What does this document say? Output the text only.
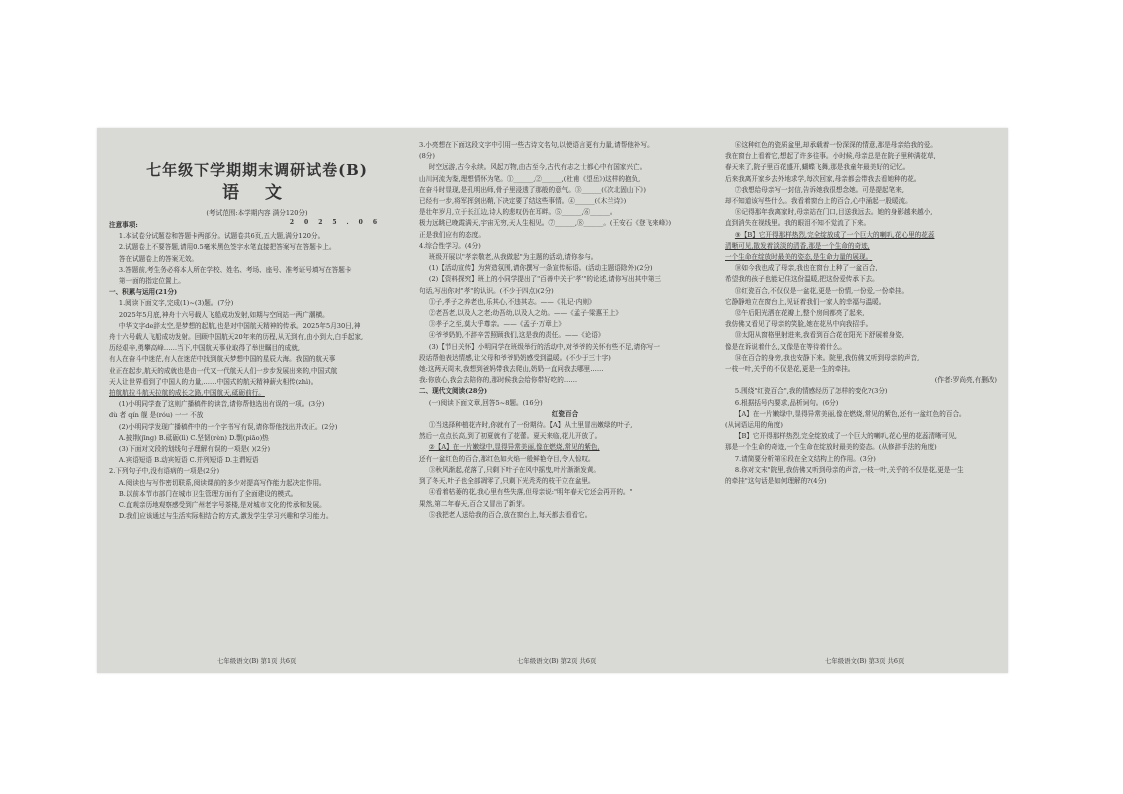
七年级下学期期末调研试卷(B)
语 文
2025.06
(考试范围:本学期内容 满分120分)

注意事项:

1.本试卷分试题卷和答题卡两部分。试题卷共6页,五大题,满分120分。

2.试题卷上不要答题,请用0.5毫米黑色签字水笔直接把答案写在答题卡上。

答在试题卷上的答案无效。

3.答题前,考生务必将本人所在学校、姓名、考场、座号、准考证号填写在答题卡

第一面的指定位置上。

一、积累与运用(21分)

1.阅读下面文字,完成(1)~(3)题。(7分)

2025年5月底,神舟十六号载人飞船成功发射,如期与空间站一两广潮横。

中华文字de辞太空,是梦想的起航,也是对中国航天精神的传承。2025年5月30日,神

舟十六号载人飞船成功发射。回顾中国航天20年来的历程,从无到有,由小到大,白手起家,

历经艰辛,勇攀高峰……当下,中国航天事业取得了举世瞩目的成就,

有人在奋斗中迷茫,有人在迷茫中找到航天梦想中国的星辰大海。我国的航天事

业正在起步,航天的成就也是由一代又一代航天人们一步步发展出来的,中国式航

天人让世界看到了中国人的力量,……中国式的航天精神薪火相传(zhì)。

拍航航拉斗航天拉航的成长之路,中国航天,砥砺前行。

(1)小明同学查了这则广播稿件的读音,请你帮他选出有误的一项。(3分)

dù 者 qín 舰 是(róu) 一一 不放

(2)小明同学发现广播稿件中的一个字书写有误,请你帮他找出并改正。(2分)

A.披荆(jīng) B.砥砺(lì) C.坚韧(rèn) D.剽(piāo)热

(3)下面对文段的划线句子理解有误的一项是( )(2分)

A.宾语短语 B.动宾短语 C.并列短语 D.主谓短语

2.下列句子中,没有语病的一项是(2分)

A.阅读也与写作密切联系,阅读课前的多少对提高写作能力起决定作用。

B.以前本节市部门在城市卫生管理方面有了全面建设的模式。

C.直观亲历地观察感受到广州老字号茶楼,是对城市文化的传承和发展。

D.我们应该通过与生活实际相结合的方式,激发学生学习兴趣和学习能力。

七年级语文(B) 第1页 共6页

3.小亮想在下面这段文字中引用一些古诗文名句,以使语言更有力量,请帮他补写。

(8分)

时空远游,古今永续。风起万物,由古至今,古代有志之士都心中有国家兴亡。

山川河流为鉴,理想情怀为笔。①______,②______,(杜甫《望岳》)这样的抱负,

在奋斗时显现,是孔明出师,骨子里浸透了那般的意气。③______(《次北固山下》)

已经有一步,将军挥剑出鞘,下决定要了结这些事情。④______(《木兰诗》)

是壮年岁月,立于长江边,诗人的悲叹仍在耳畔。⑤______,⑥______。

极力远眺已晚霞满天,宇宙无穷,天人生相见。⑦______,⑧______。(王安石《登飞来峰》)

正是我们应有的态度。

4.综合性学习。(4分)

班级开展以"孝亲敬老,从我做起"为主题的活动,请你参与。

(1)【活动宣传】为营造氛围,请你撰写一条宣传标语。(活动主题语除外)(2分)

(2)【资料探究】班上的小同学提出了"百善中关于'孝'"的论述,请你写出其中第三

句话,写出你对"孝"的认识。(不少于四点)(2分)

①子,孝子之养老也,乐其心,不违其志。——《礼记·内则》

②老吾老,以及人之老;幼吾幼,以及人之幼。——《孟子·梁惠王上》

③孝子之至,莫大乎尊亲。——《孟子·万章上》

④爷爷奶奶,不辞辛苦照顾我们,这是我的责任。——《论语》

(3)【节日关怀】小明同学在班级举行的活动中,对爷爷的关怀有些不足,请你写一

段话帮他表达情感,让父母和爷爷奶奶感受到温暖。(不少于三十字)

她:这两天周末,我想到爸妈带我去爬山,奶奶一直问我去哪里……

我:你放心,我会去陪你的,那时候我会给你带好吃的……

二、现代文阅读(28分)

(一)阅读下面文章,回答5~8题。(16分)

红瓷百合

①当选择种植花卉时,你就有了一份期待。【A】从土里冒出嫩绿的叶子,

然后一点点长高,到了初夏就有了花蕾。夏天来临,花儿开放了。

②【A】在一片嫩绿中,显得异常美丽,像在燃烧,常见的紫色,

还有一盆红色的百合,那红色如火焰一般鲜艳夺目,令人惊叹。

③秋风渐起,花落了,只剩下叶子在风中摇曳,叶片渐渐发黄。

到了冬天,叶子也全部凋零了,只剩下光秃秃的枝干立在盆里。

④看着枯萎的花,我心里有些失落,但母亲说:"明年春天它还会再开的。"

果然,第二年春天,百合又冒出了新芽。

⑤我把老人送给我的百合,放在窗台上,每天都去看看它。

七年级语文(B) 第2页 共6页

⑥这种红色的瓷质盆里,却承载着一份深深的情意,那是母亲给我的爱。

我在窗台上看着它,想起了许多往事。小时候,母亲总是在院子里种满花草,

春天来了,院子里百花盛开,蝴蝶飞舞,那是我童年最美好的记忆。

后来我离开家乡去外地求学,每次回家,母亲都会带我去看她种的花。

⑦我想给母亲写一封信,告诉她我很想念她。可是提起笔来,

却不知道该写些什么。我看着窗台上的百合,心中涌起一股暖流。

⑧记得那年我离家时,母亲站在门口,目送我远去。她的身影越来越小,

直到消失在视线里。我的眼泪不知不觉流了下来。

⑨【B】它开得那样热烈,完全绽放成了一个巨大的喇叭,花心里的花蕊

清晰可见,散发着淡淡的清香,那是一个生命的奇迹,

一个生命在绽放时最美的姿态,是生命力量的展现。

⑩如今我也成了母亲,我也在窗台上种了一盆百合,

希望我的孩子也能记住这份温暖,把这份爱传承下去。

⑪红瓷百合,不仅仅是一盆花,更是一份情,一份爱,一份牵挂。

它静静地立在窗台上,见证着我们一家人的幸福与温暖。

⑫午后阳光洒在花瓣上,整个房间都亮了起来,

我仿佛又看见了母亲的笑脸,她在花丛中向我招手。

⑬太阳从窗格里射进来,我看到百合花在阳光下舒展着身姿,

像是在诉说着什么,又像是在等待着什么。

⑭在百合的身旁,我也安静下来。院里,我仿佛又听到母亲的声音,

一枝一叶,关乎的不仅是花,更是一生的牵挂。

(作者:罗尚亮,有删改)

5.围绕"红瓷百合",我的情感经历了怎样的变化?(3分)

6.根据括号内要求,品析词句。(6分)

【A】在一片嫩绿中,显得异常美丽,像在燃烧,常见的紫色,还有一盆红色的百合。

(从词语运用的角度)

【B】它开得那样热烈,完全绽放成了一个巨大的喇叭,花心里的花蕊清晰可见,

那是一个生命的奇迹,一个生命在绽放时最美的姿态。(从修辞手法的角度)

7.请简要分析第⑥段在全文结构上的作用。(3分)

8.你对文末"院里,我仿佛又听到母亲的声音,一枝一叶,关乎的不仅是花,更是一生

的牵挂"这句话是如何理解的?(4分)

七年级语文(B) 第3页 共6页
